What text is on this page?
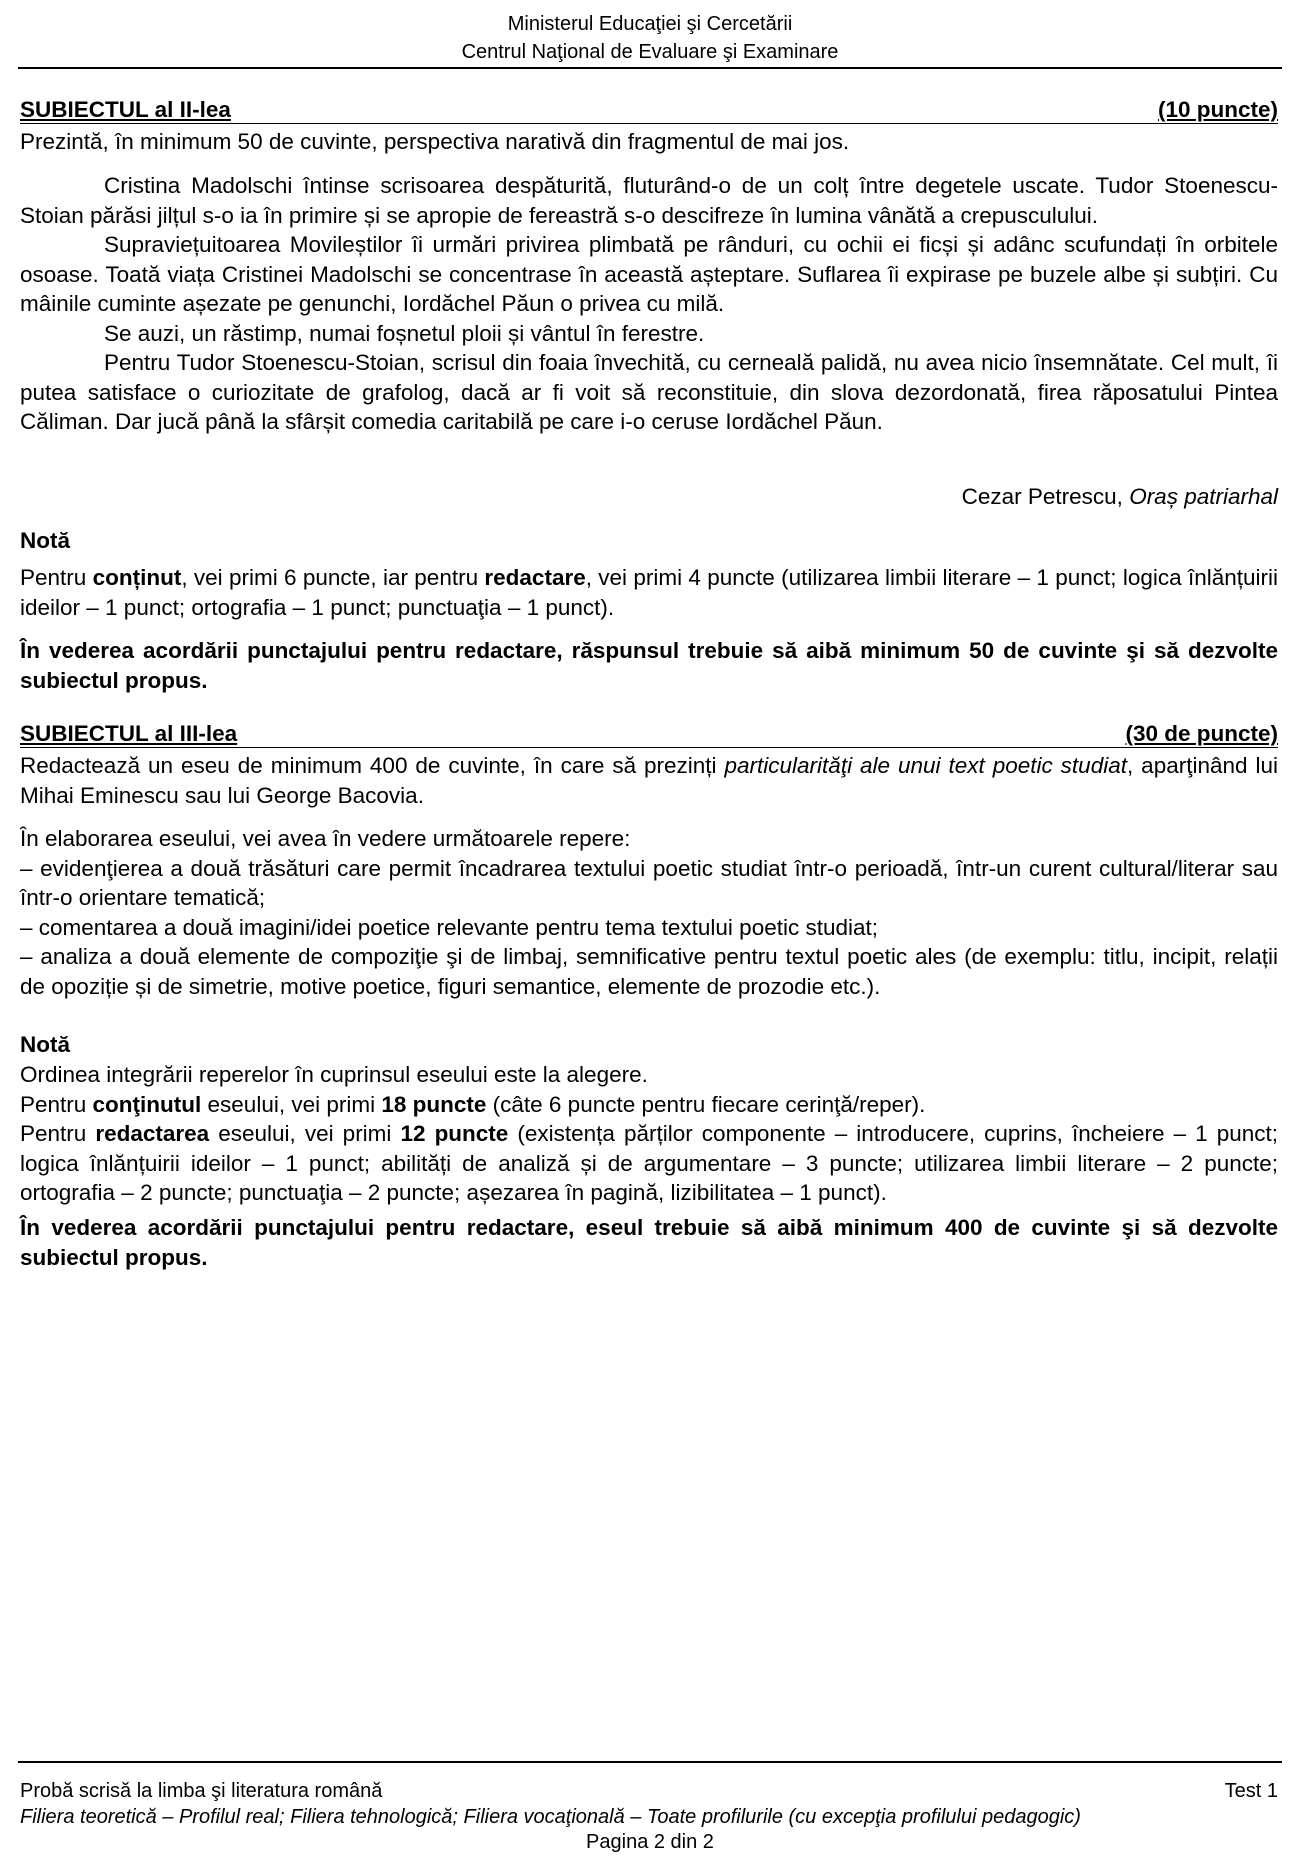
Ministerul Educaţiei şi Cercetării
Centrul Naţional de Evaluare şi Examinare
SUBIECTUL al II-lea	(10 puncte)
Prezintă, în minimum 50 de cuvinte, perspectiva narativă din fragmentul de mai jos.

Cristina Madolschi întinse scrisoarea despăturită, fluturând-o de un colț între degetele uscate. Tudor Stoenescu-Stoian părăsi jilțul s-o ia în primire și se apropie de fereastră s-o descifreze în lumina vânătă a crepusculului.

Supraviețuitoarea Movileștilor îi urmări privirea plimbată pe rânduri, cu ochii ei ficși și adânc scufundați în orbitele osoase. Toată viața Cristinei Madolschi se concentrase în această așteptare. Suflarea îi expirase pe buzele albe și subțiri. Cu mâinile cuminte așezate pe genunchi, Iordăchel Păun o privea cu milă.

Se auzi, un răstimp, numai foșnetul ploii și vântul în ferestre.

Pentru Tudor Stoenescu-Stoian, scrisul din foaia învechită, cu cerneală palidă, nu avea nicio însemnătate. Cel mult, îi putea satisface o curiozitate de grafolog, dacă ar fi voit să reconstituie, din slova dezordonată, firea răposatului Pintea Căliman. Dar jucă până la sfârșit comedia caritabilă pe care i-o ceruse Iordăchel Păun.

Cezar Petrescu, Oraș patriarhal
Notă
Pentru conținut, vei primi 6 puncte, iar pentru redactare, vei primi 4 puncte (utilizarea limbii literare – 1 punct; logica înlănțuirii ideilor – 1 punct; ortografia – 1 punct; punctuaţia – 1 punct).
În vederea acordării punctajului pentru redactare, răspunsul trebuie să aibă minimum 50 de cuvinte şi să dezvolte subiectul propus.
SUBIECTUL al III-lea	(30 de puncte)
Redactează un eseu de minimum 400 de cuvinte, în care să prezinți particularităţi ale unui text poetic studiat, aparţinând lui Mihai Eminescu sau lui George Bacovia.

În elaborarea eseului, vei avea în vedere următoarele repere:

– evidenţierea a două trăsături care permit încadrarea textului poetic studiat într-o perioadă, într-un curent cultural/literar sau într-o orientare tematică;

– comentarea a două imagini/idei poetice relevante pentru tema textului poetic studiat;

– analiza a două elemente de compoziţie şi de limbaj, semnificative pentru textul poetic ales (de exemplu: titlu, incipit, relații de opoziție și de simetrie, motive poetice, figuri semantice, elemente de prozodie etc.).

Notă

Ordinea integrării reperelor în cuprinsul eseului este la alegere.

Pentru conţinutul eseului, vei primi 18 puncte (câte 6 puncte pentru fiecare cerinţă/reper).

Pentru redactarea eseului, vei primi 12 puncte (existența părților componente – introducere, cuprins, încheiere – 1 punct; logica înlănțuirii ideilor – 1 punct; abilități de analiză și de argumentare – 3 puncte; utilizarea limbii literare – 2 puncte; ortografia – 2 puncte; punctuaţia – 2 puncte; așezarea în pagină, lizibilitatea – 1 punct).

În vederea acordării punctajului pentru redactare, eseul trebuie să aibă minimum 400 de cuvinte şi să dezvolte subiectul propus.
Probă scrisă la limba şi literatura română	Test 1
Filiera teoretică – Profilul real; Filiera tehnologică; Filiera vocaţională – Toate profilurile (cu excepţia profilului pedagogic)
Pagina 2 din 2
